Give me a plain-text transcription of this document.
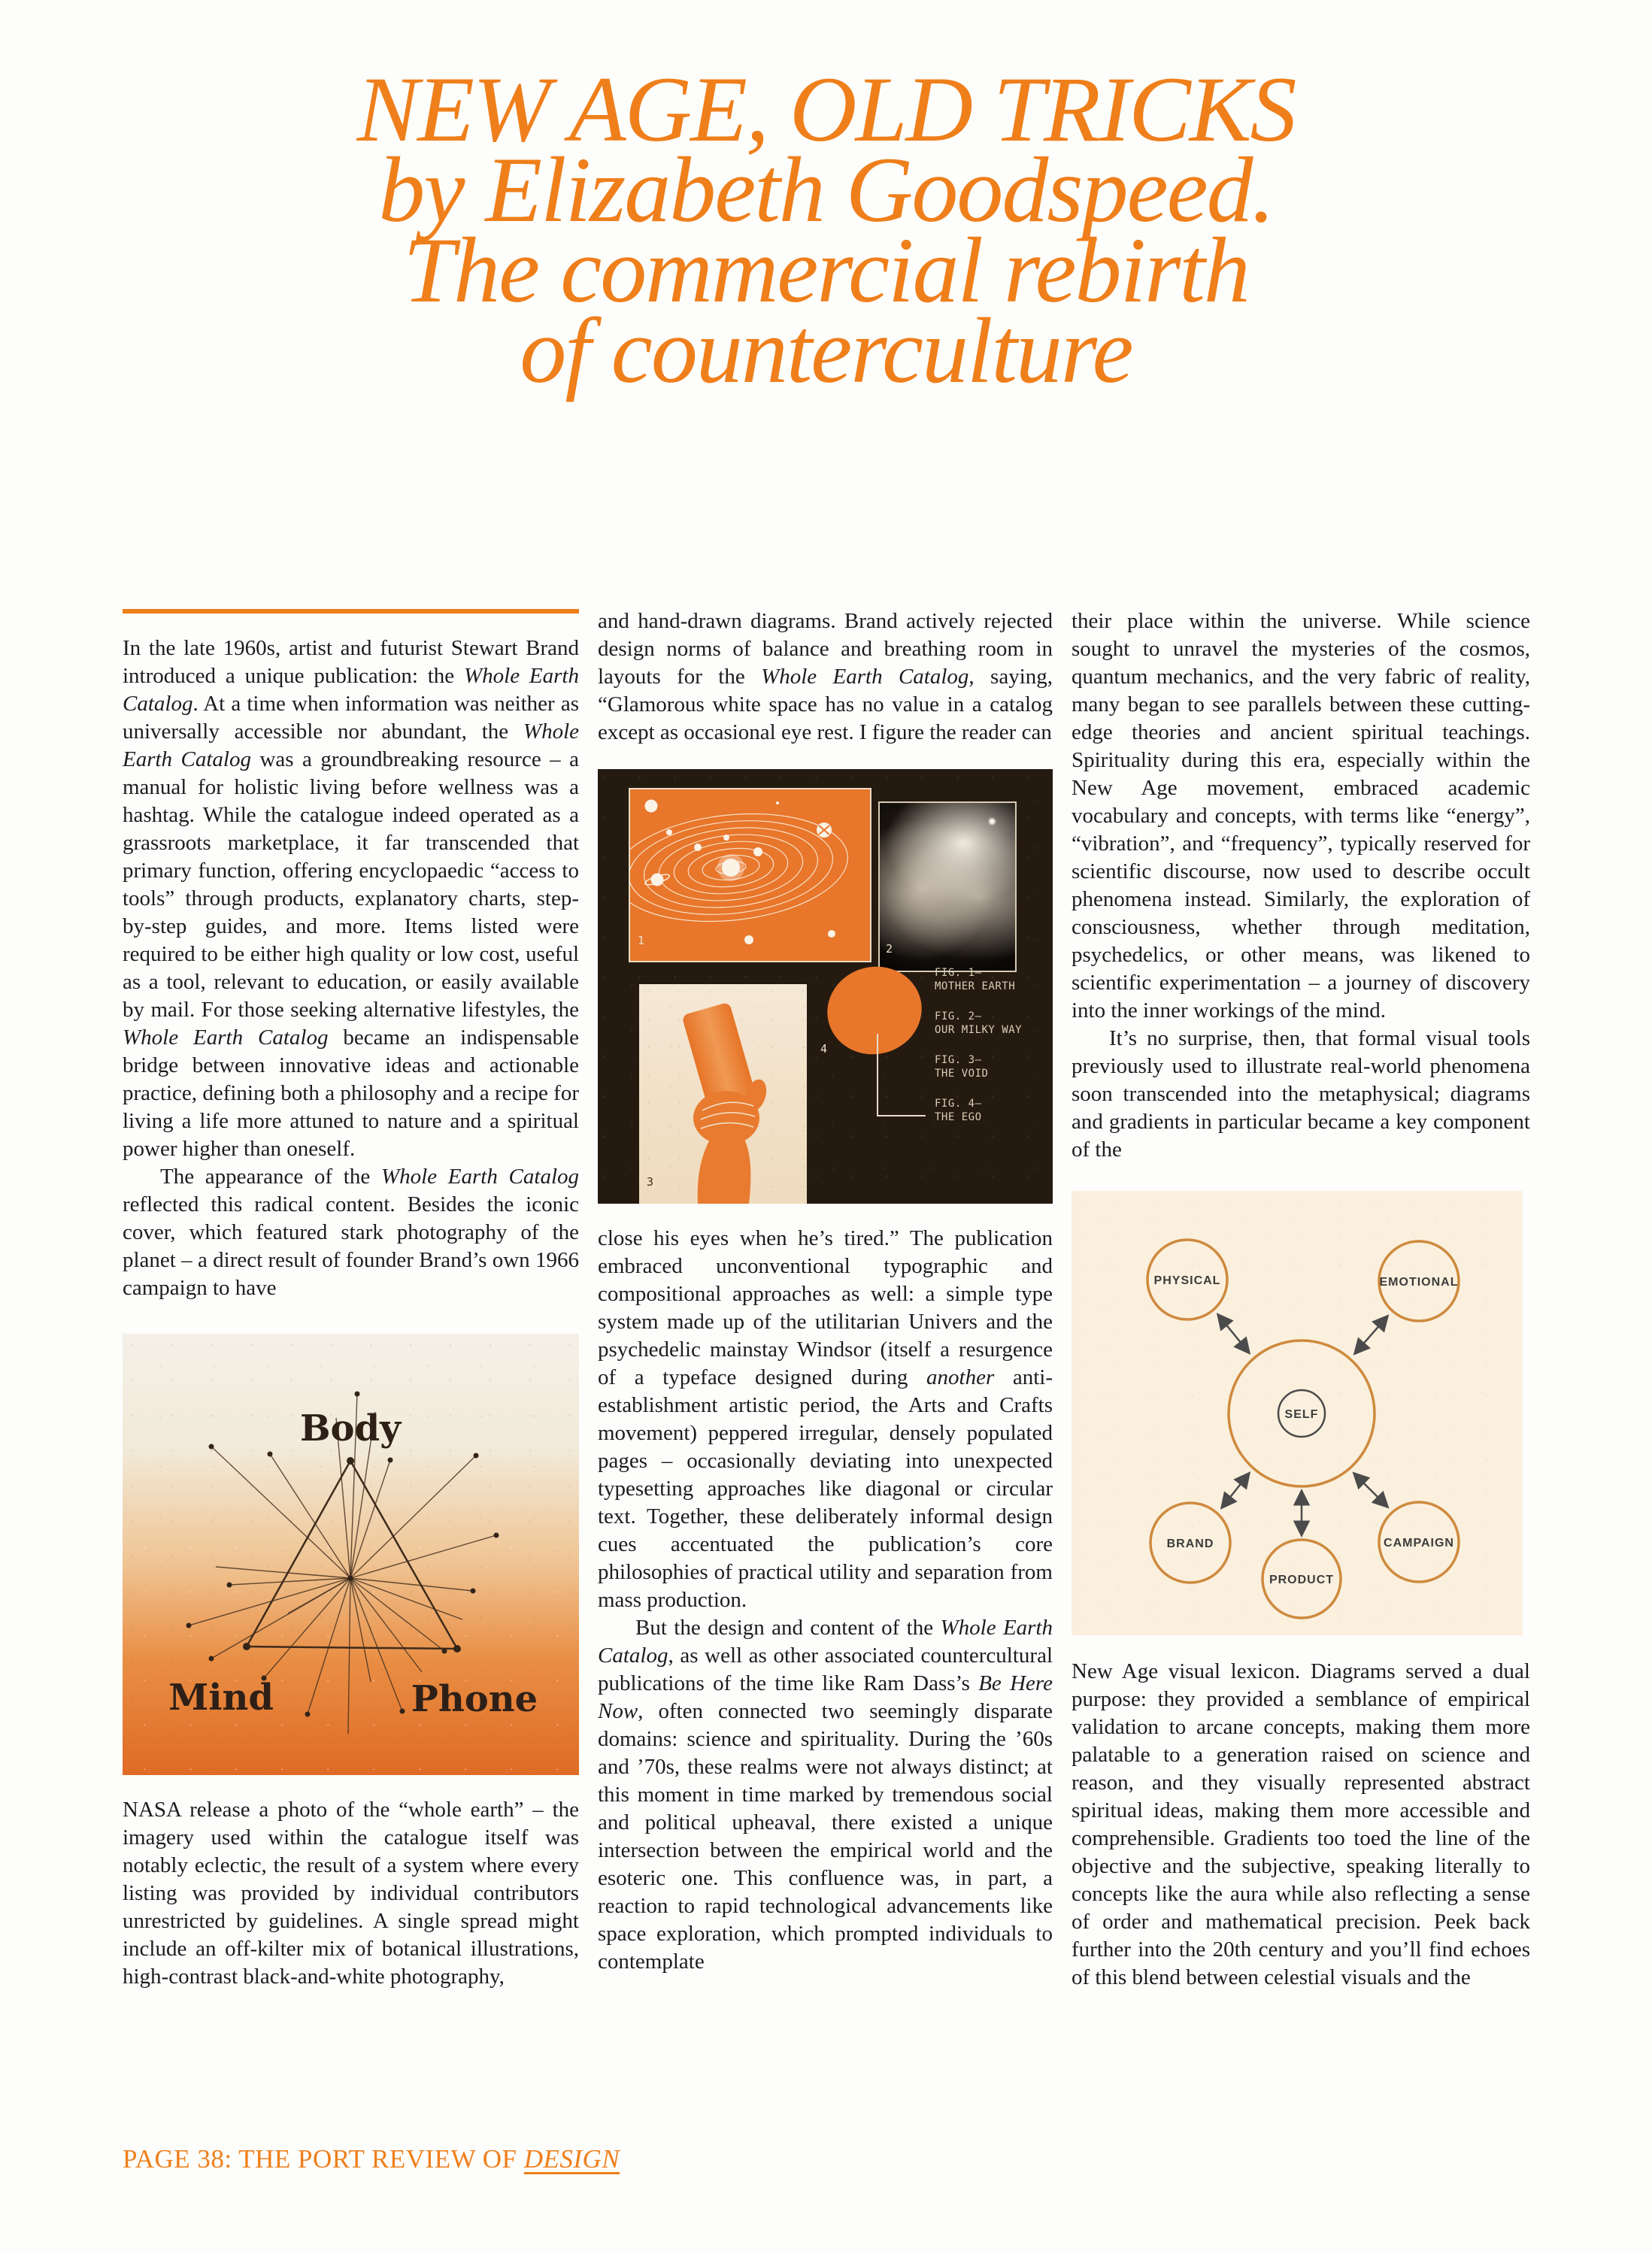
NEW AGE, OLD TRICKS
by Elizabeth Goodspeed.
The commercial rebirth
of counterculture

In the late 1960s, artist and futurist Stewart Brand introduced a unique publication: the Whole Earth Catalog. At a time when information was neither as universally accessible nor abundant, the Whole Earth Catalog was a groundbreaking resource – a manual for holistic living before wellness was a hashtag. While the catalogue indeed operated as a grassroots marketplace, it far transcended that primary function, offering encyclopaedic “access to tools” through products, explanatory charts, step-by-step guides, and more. Items listed were required to be either high quality or low cost, useful as a tool, relevant to education, or easily available by mail. For those seeking alternative lifestyles, the Whole Earth Catalog became an indispensable bridge between innovative ideas and actionable practice, defining both a philosophy and a recipe for living a life more attuned to nature and a spiritual power higher than oneself.

The appearance of the Whole Earth Catalog reflected this radical content. Besides the iconic cover, which featured stark photography of the planet – a direct result of founder Brand’s own 1966 campaign to have

Body
Mind	Phone

NASA release a photo of the “whole earth” – the imagery used within the catalogue itself was notably eclectic, the result of a system where every listing was provided by individual contributors unrestricted by guidelines. A single spread might include an off-kilter mix of botanical illustrations, high-contrast black-and-white photography,

and hand-drawn diagrams. Brand actively rejected design norms of balance and breathing room in layouts for the Whole Earth Catalog, saying, “Glamorous white space has no value in a catalog except as occasional eye rest. I figure the reader can

1
2
3
4
FIG. 1–
MOTHER EARTH
FIG. 2–
OUR MILKY WAY
FIG. 3–
THE VOID
FIG. 4–
THE EGO

close his eyes when he’s tired.” The publication embraced unconventional typographic and compositional approaches as well: a simple type system made up of the utilitarian Univers and the psychedelic mainstay Windsor (itself a resurgence of a typeface designed during another anti-establishment artistic period, the Arts and Crafts movement) peppered irregular, densely populated pages – occasionally deviating into unexpected typesetting approaches like diagonal or circular text. Together, these deliberately informal design cues accentuated the publication’s core philosophies of practical utility and separation from mass production.

But the design and content of the Whole Earth Catalog, as well as other associated countercultural publications of the time like Ram Dass’s Be Here Now, often connected two seemingly disparate domains: science and spirituality. During the ’60s and ’70s, these realms were not always distinct; at this moment in time marked by tremendous social and political upheaval, there existed a unique intersection between the empirical world and the esoteric one. This confluence was, in part, a reaction to rapid technological advancements like space exploration, which prompted individuals to contemplate

their place within the universe. While science sought to unravel the mysteries of the cosmos, quantum mechanics, and the very fabric of reality, many began to see parallels between these cutting-edge theories and ancient spiritual teachings. Spirituality during this era, especially within the New Age movement, embraced academic vocabulary and concepts, with terms like “energy”, “vibration”, and “frequency”, typically reserved for scientific discourse, now used to describe occult phenomena instead. Similarly, the exploration of consciousness, whether through meditation, psychedelics, or other means, was likened to scientific experimentation – a journey of discovery into the inner workings of the mind.

It’s no surprise, then, that formal visual tools previously used to illustrate real-world phenomena soon transcended into the metaphysical; diagrams and gradients in particular became a key component of the

PHYSICAL	EMOTIONAL
SELF
BRAND	CAMPAIGN
PRODUCT

New Age visual lexicon. Diagrams served a dual purpose: they provided a semblance of empirical validation to arcane concepts, making them more palatable to a generation raised on science and reason, and they visually represented abstract spiritual ideas, making them more accessible and comprehensible. Gradients too toed the line of the objective and the subjective, speaking literally to concepts like the aura while also reflecting a sense of order and mathematical precision. Peek back further into the 20th century and you’ll find echoes of this blend between celestial visuals and the

PAGE 38: THE PORT REVIEW OF DESIGN
